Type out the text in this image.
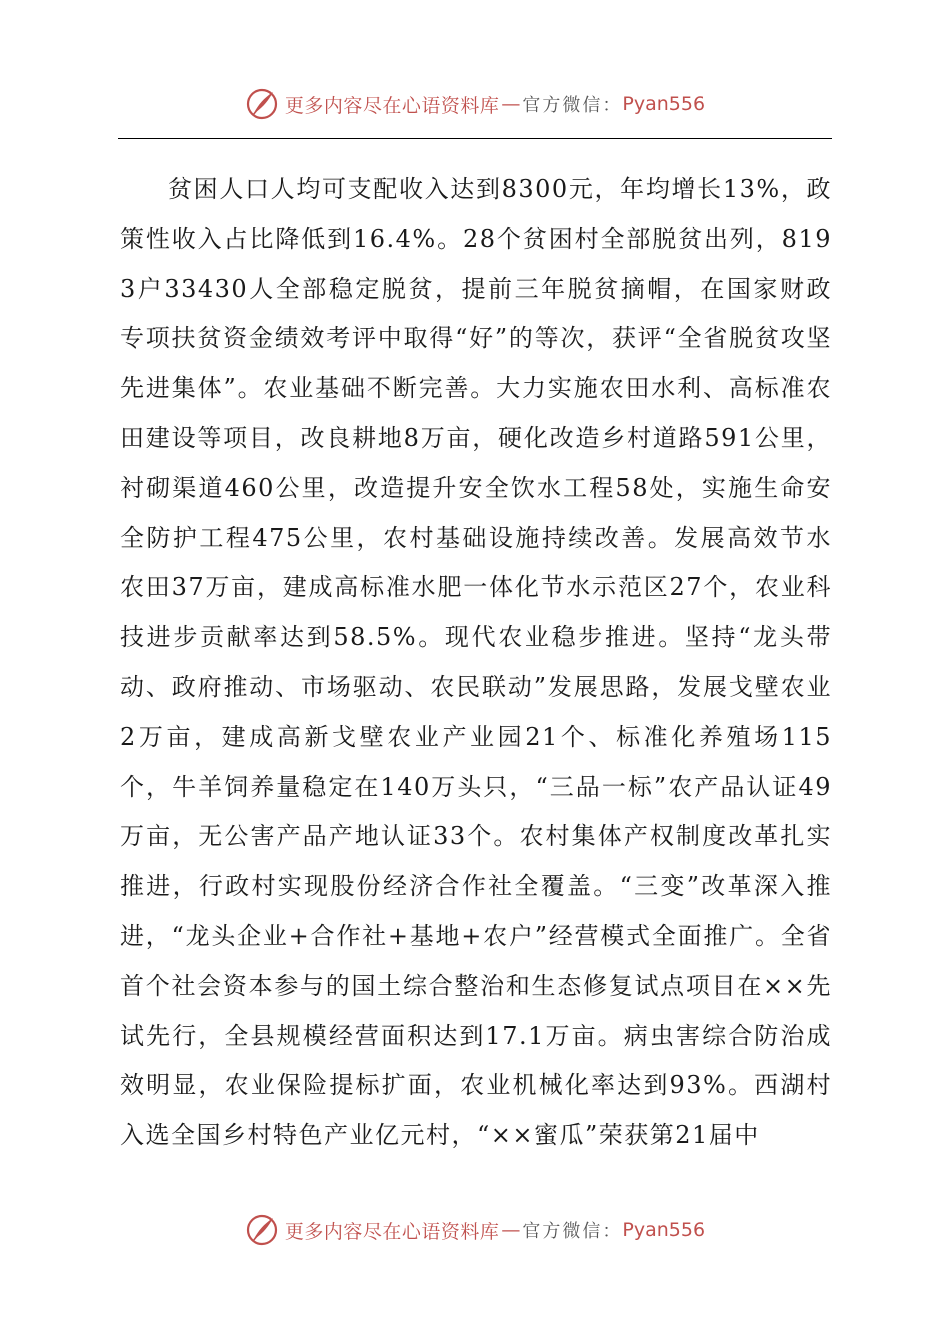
更多内容尽在心语资料库 — 官方微信： Pyan556

贫困人口人均可支配收入达到8300元，年均增长13%，政策性收入占比降低到16.4%。28个贫困村全部脱贫出列，8193户33430人全部稳定脱贫，提前三年脱贫摘帽，在国家财政专项扶贫资金绩效考评中取得“好”的等次，获评“全省脱贫攻坚先进集体”。农业基础不断完善。大力实施农田水利、高标准农田建设等项目，改良耕地8万亩，硬化改造乡村道路591公里，衬砌渠道460公里，改造提升安全饮水工程58处，实施生命安全防护工程475公里，农村基础设施持续改善。发展高效节水农田37万亩，建成高标准水肥一体化节水示范区27个，农业科技进步贡献率达到58.5%。现代农业稳步推进。坚持“龙头带动、政府推动、市场驱动、农民联动”发展思路，发展戈壁农业2万亩，建成高新戈壁农业产业园21个、标准化养殖场115个，牛羊饲养量稳定在140万头只，“三品一标”农产品认证49万亩，无公害产品产地认证33个。农村集体产权制度改革扎实推进，行政村实现股份经济合作社全覆盖。“三变”改革深入推进，“龙头企业+合作社+基地+农户”经营模式全面推广。全省首个社会资本参与的国土综合整治和生态修复试点项目在××先试先行，全县规模经营面积达到17.1万亩。病虫害综合防治成效明显，农业保险提标扩面，农业机械化率达到93%。西湖村入选全国乡村特色产业亿元村，“××蜜瓜”荣获第21届中

更多内容尽在心语资料库 — 官方微信： Pyan556
